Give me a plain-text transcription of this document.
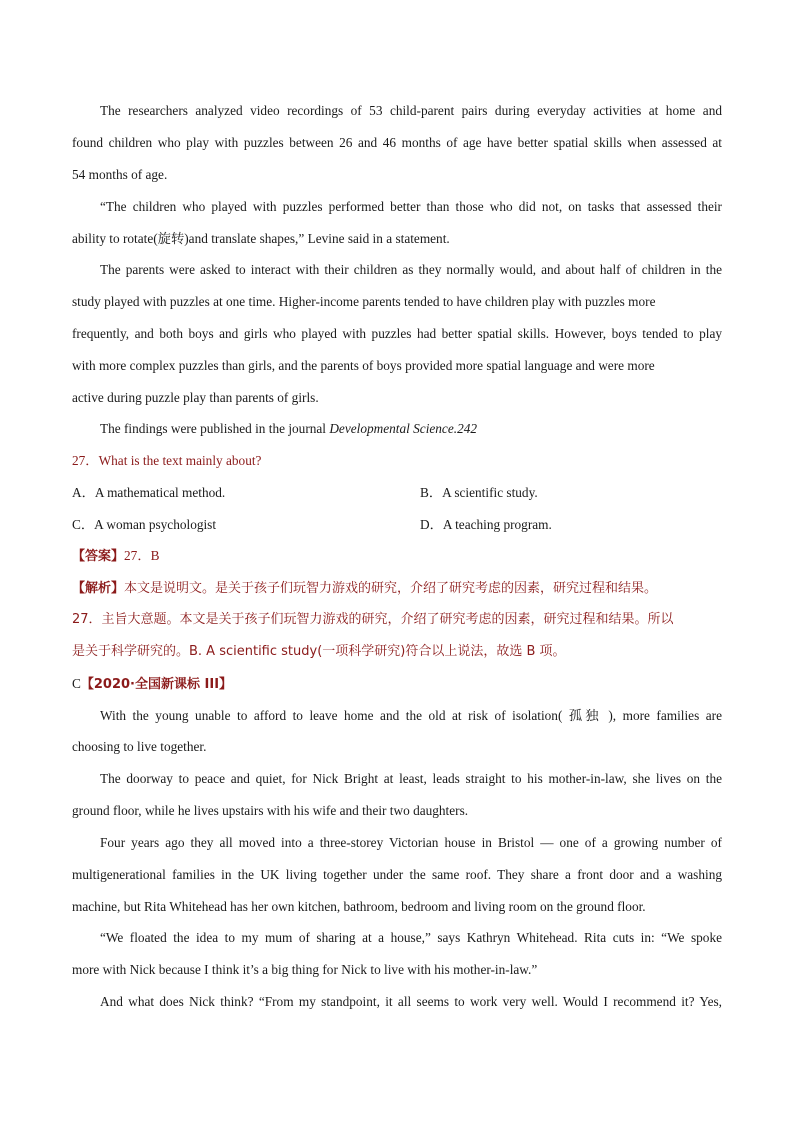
The researchers analyzed video recordings of 53 child-parent pairs during everyday activities at home and
found children who play with puzzles between 26 and 46 months of age have better spatial skills when assessed at
54 months of age.
“The children who played with puzzles performed better than those who did not, on tasks that assessed their
ability to rotate(旋转)and translate shapes,” Levine said in a statement.
The parents were asked to interact with their children as they normally would, and about half of children in the
study played with puzzles at one time. Higher-income parents tended to have children play with puzzles more
frequently, and both boys and girls who played with puzzles had better spatial skills. However, boys tended to play
with more complex puzzles than girls, and the parents of boys provided more spatial language and were more
active during puzzle play than parents of girls.
The findings were published in the journal Developmental Science.242
27．What is the text mainly about?
A．A mathematical method.	B．A scientific study.
C．A woman psychologist	D．A teaching program.
【答案】27．B
【解析】本文是说明文。是关于孩子们玩智力游戏的研究，介绍了研究考虑的因素，研究过程和结果。
27．主旨大意题。本文是关于孩子们玩智力游戏的研究，介绍了研究考虑的因素，研究过程和结果。所以
是关于科学研究的。B. A scientific study(一项科学研究)符合以上说法，故选 B 项。
C【2020·全国新课标 III】
With the young unable to afford to leave home and the old at risk of isolation( 孤独 ), more families are
choosing to live together.
The doorway to peace and quiet, for Nick Bright at least, leads straight to his mother-in-law, she lives on the
ground floor, while he lives upstairs with his wife and their two daughters.
Four years ago they all moved into a three-storey Victorian house in Bristol — one of a growing number of
multigenerational families in the UK living together under the same roof. They share a front door and a washing
machine, but Rita Whitehead has her own kitchen, bathroom, bedroom and living room on the ground floor.
“We floated the idea to my mum of sharing at a house,” says Kathryn Whitehead. Rita cuts in: “We spoke
more with Nick because I think it’s a big thing for Nick to live with his mother-in-law.”
And what does Nick think? “From my standpoint, it all seems to work very well. Would I recommend it? Yes,
